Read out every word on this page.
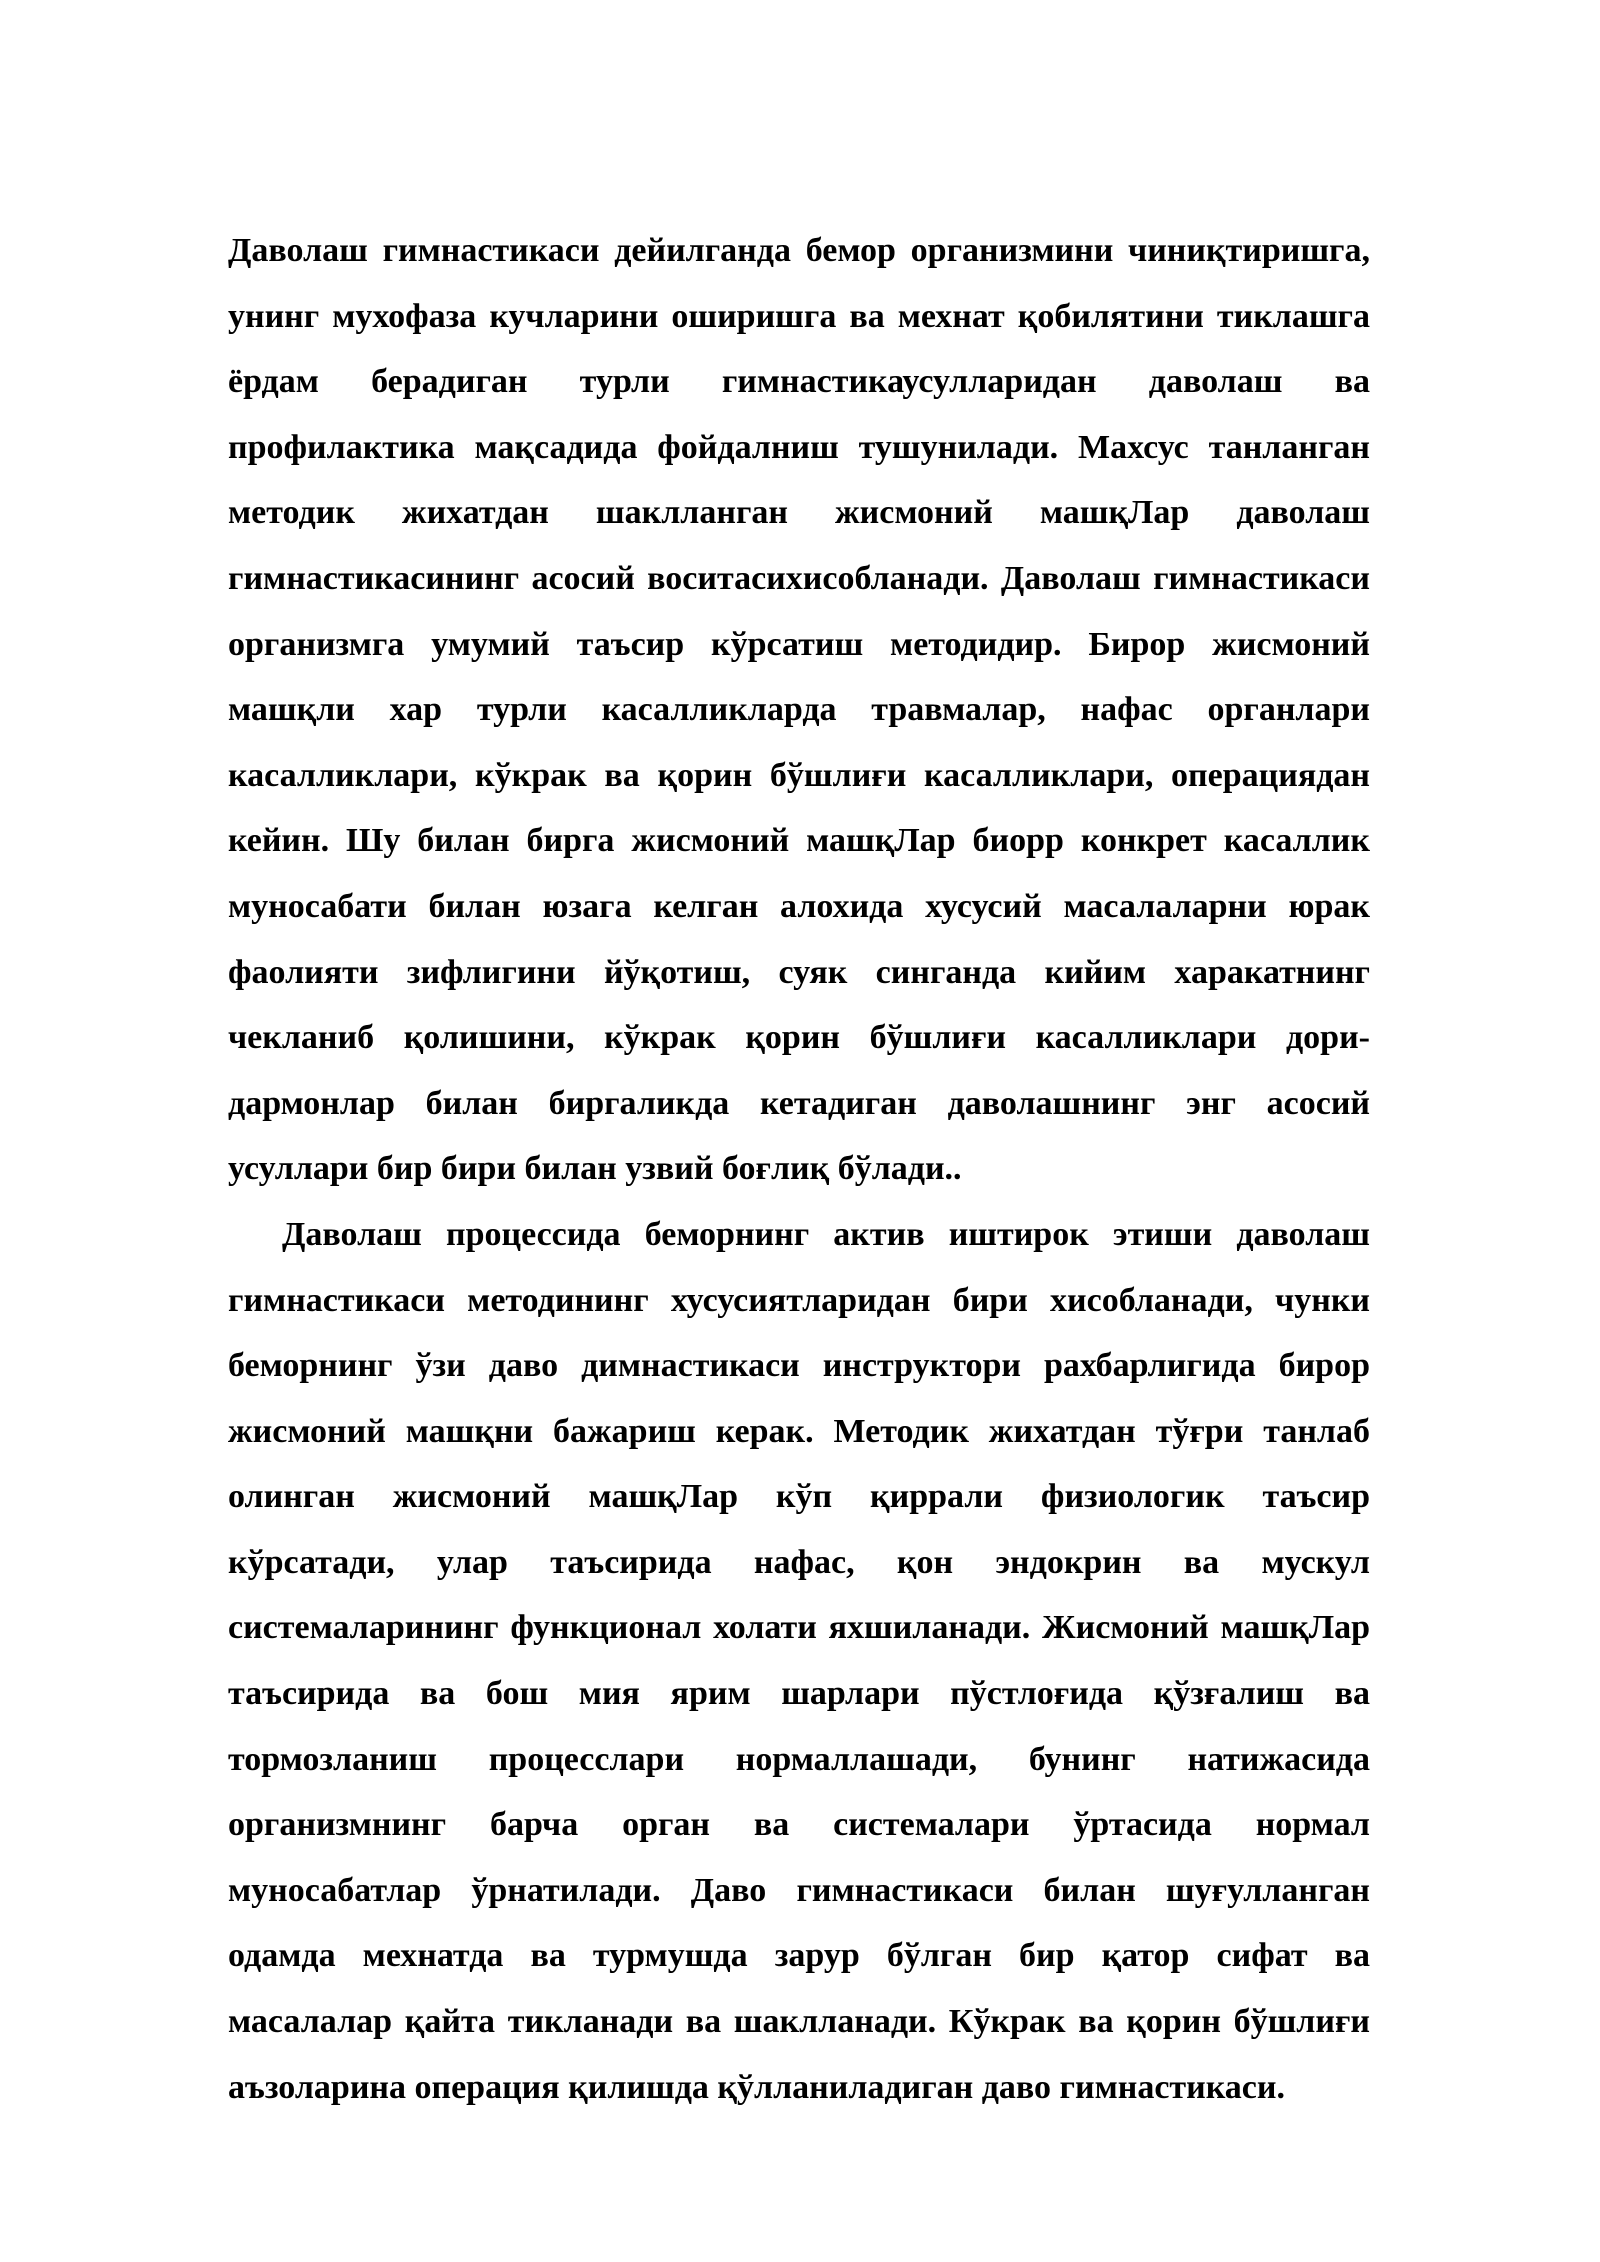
Даволаш гимнастикаси дейилганда бемор организмини чиниқтиришга,
унинг мухофаза кучларини оширишга ва мехнат қобилятини тиклашга
ёрдам берадиган турли гимнастикаусулларидан даволаш ва
профилактика мақсадида фойдалниш тушунилади. Махсус танланган
методик жихатдан шаклланган жисмоний машқЛар даволаш
гимнастикасининг асосий воситасихисобланади. Даволаш гимнастикаси
организмга умумий таъсир кўрсатиш методидир. Бирор жисмоний
машқли хар турли касалликларда травмалар, нафас органлари
касалликлари, кўкрак ва қорин бўшлиғи касалликлари, операциядан
кейин. Шу билан бирга жисмоний машқЛар биорр конкрет касаллик
муносабати билан юзага келган алохида хусусий масалаларни юрак
фаолияти зифлигини йўқотиш, суяк синганда кийим харакатнинг
чекланиб қолишини, кўкрак қорин бўшлиғи касалликлари дори-
дармонлар билан биргаликда кетадиган даволашнинг энг асосий
усуллари бир бири билан узвий боғлиқ бўлади..
Даволаш процессида беморнинг актив иштирок этиши даволаш
гимнастикаси методининг хусусиятларидан бири хисобланади, чунки
беморнинг ўзи даво димнастикаси инструктори рахбарлигида бирор
жисмоний машқни бажариш керак. Методик жихатдан тўғри танлаб
олинган жисмоний машқЛар кўп қиррали физиологик таъсир
кўрсатади, улар таъсирида нафас, қон эндокрин ва мускул
системаларининг функционал холати яхшиланади. Жисмоний машқЛар
таъсирида ва бош мия ярим шарлари пўстлоғида қўзғалиш ва
тормозланиш процесслари нормаллашади, бунинг натижасида
организмнинг барча орган ва системалари ўртасида нормал
муносабатлар ўрнатилади. Даво гимнастикаси билан шуғулланган
одамда мехнатда ва турмушда зарур бўлган бир қатор сифат ва
масалалар қайта тикланади ва шаклланади. Кўкрак ва қорин бўшлиғи
аъзоларина операция қилишда қўлланиладиган даво гимнастикаси.
